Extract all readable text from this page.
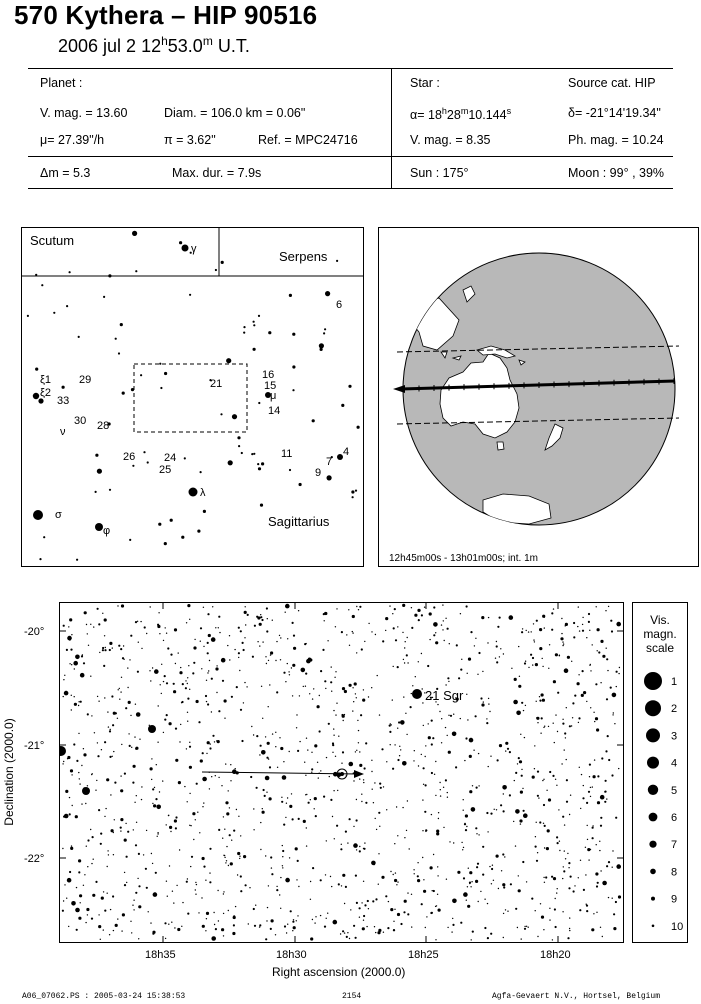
570 Kythera – HIP 90516
2006 jul 2 12$^h$53.0$^m$ U.T.
Planet :
V. mag. = 13.60	Diam. = 106.0 km = 0.06"
μ= 27.39"/h	π = 3.62"	Ref. = MPC24716
Δm = 5.3	Max. dur. = 7.9s
Star :	Source cat. HIP
$\alpha= 18^h28^m10.144^s$	δ= -21°14'19.34"
V. mag. = 8.35	Ph. mag. = 10.24
Sun : 175°	Moon : 99° , 39%
Scutum
Serpens
Sagittarius
6
16
15
14
μ
21
29
ξ1
ξ2
33
30 28
ν
26	24
25
11	4
7
9
λ
σ
φ
γ
12h45m00s - 13h01m00s; int. 1m
21 Sgr
-20°
-21°
-22°
18h35	18h30	18h25	18h20
Right ascension (2000.0)
Declination (2000.0)
Vis.
magn.
scale
1
2
3
4
5
6
7
8
9
10
A06_07062.PS : 2005-03-24 15:38:53	2154	Agfa-Gevaert N.V., Hortsel, Belgium
